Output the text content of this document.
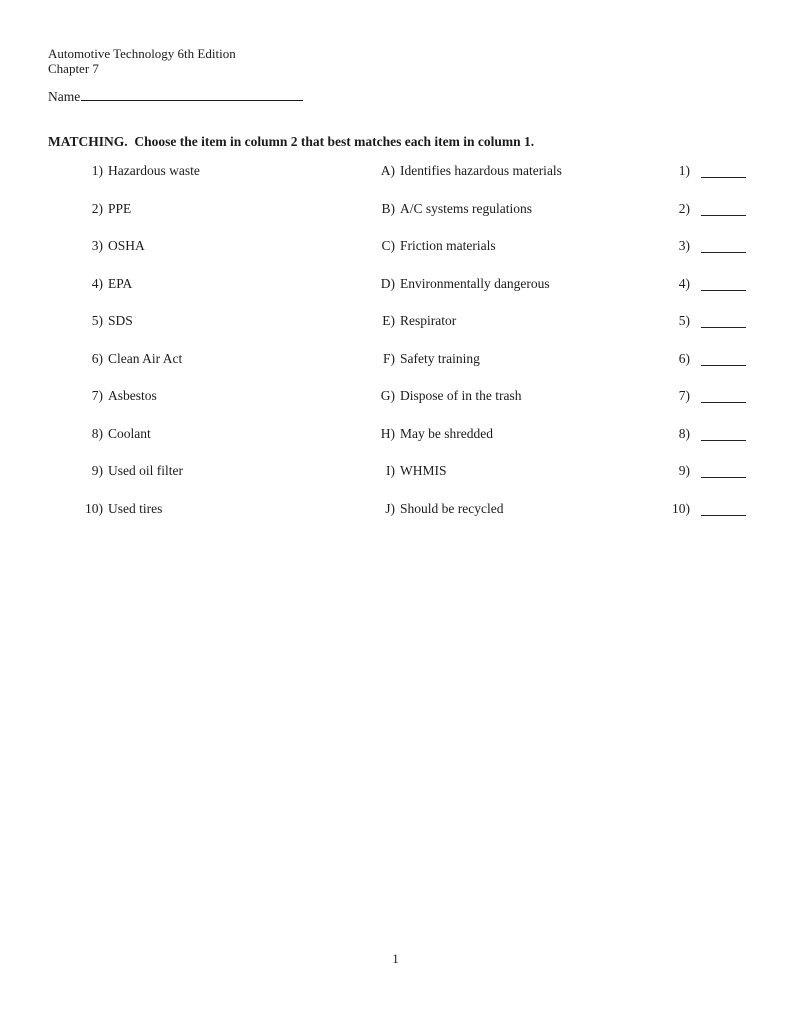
Automotive Technology 6th Edition
Chapter 7
Name
MATCHING.  Choose the item in column 2 that best matches each item in column 1.
1) Hazardous waste	A) Identifies hazardous materials	1)
2) PPE	B) A/C systems regulations	2)
3) OSHA	C) Friction materials	3)
4) EPA	D) Environmentally dangerous	4)
5) SDS	E) Respirator	5)
6) Clean Air Act	F) Safety training	6)
7) Asbestos	G) Dispose of in the trash	7)
8) Coolant	H) May be shredded	8)
9) Used oil filter	I) WHMIS	9)
10) Used tires	J) Should be recycled	10)
1
